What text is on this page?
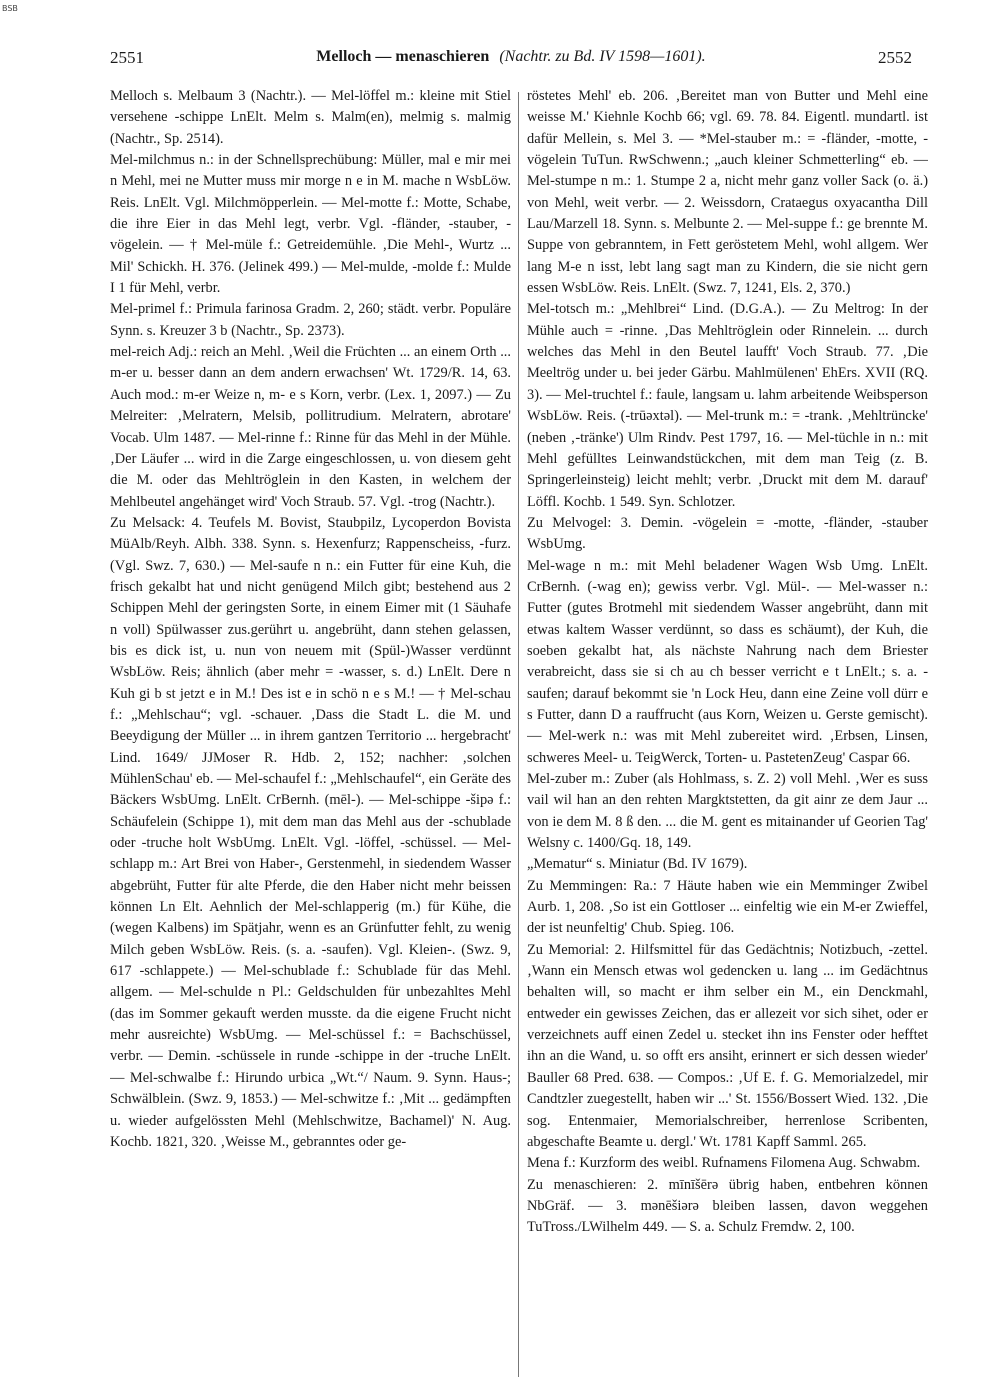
BSB
2551	Melloch — menaschieren (Nachtr. zu Bd. IV 1598—1601).	2552

Melloch s. Melbaum 3 (Nachtr.). — Mel-löffel m.: kleine mit Stiel versehene -schippe LnElt. Melm s. Malm(en), melmig s. malmig (Nachtr., Sp. 2514).

Mel-milchmus n.: in der Schnellsprechübung: Müller, mal e mir mei n Mehl, mei ne Mutter muss mir morge n e in M. mache n WsbLöw. Reis. LnElt. Vgl. Milchmöpperlein. — Mel-motte f.: Motte, Schabe, die ihre Eier in das Mehl legt, verbr. Vgl. -fländer, -stauber, -vögelein. — † Mel-müle f.: Getreidemühle. ‚Die Mehl-, Wurtz ... Mil' Schickh. H. 376. (Jelinek 499.) — Mel-mulde, -molde f.: Mulde I 1 für Mehl, verbr.

Mel-primel f.: Primula farinosa Gradm. 2, 260; städt. verbr. Populäre Synn. s. Kreuzer 3 b (Nachtr., Sp. 2373).

mel-reich Adj.: reich an Mehl. ‚Weil die Früchten ... an einem Orth ... m-er u. besser dann an dem andern erwachsen' Wt. 1729/R. 14, 63. Auch mod.: m-er Weize n, m- e s Korn, verbr. (Lex. 1, 2097.) — Zu Melreiter: ‚Melratern, Melsib, pollitrudium. Melratern, abrotare' Vocab. Ulm 1487. — Mel-rinne f.: Rinne für das Mehl in der Mühle. ‚Der Läufer ... wird in die Zarge eingeschlossen, u. von diesem geht die M. oder das Mehltröglein in den Kasten, in welchem der Mehlbeutel angehänget wird' Voch Straub. 57. Vgl. -trog (Nachtr.).

Zu Melsack: 4. Teufels M. Bovist, Staubpilz, Lycoperdon Bovista MüAlb/Reyh. Albh. 338. Synn. s. Hexenfurz; Rappenscheiss, -furz. (Vgl. Swz. 7, 630.) — Mel-saufe n n.: ein Futter für eine Kuh, die frisch gekalbt hat und nicht genügend Milch gibt; bestehend aus 2 Schippen Mehl der geringsten Sorte, in einem Eimer mit (1 Säuhafe n voll) Spülwasser zus.gerührt u. angebrüht, dann stehen gelassen, bis es dick ist, u. nun von neuem mit (Spül-)Wasser verdünnt WsbLöw. Reis; ähnlich (aber mehr = -wasser, s. d.) LnElt. Dere n Kuh gi b st jetzt e in M.! Des ist e in schö n e s M.! — † Mel-schau f.: „Mehlschau“; vgl. -schauer. ‚Dass die Stadt L. die M. und Beeydigung der Müller ... in ihrem gantzen Territorio ... hergebracht' Lind. 1649/ JJMoser R. Hdb. 2, 152; nachher: ‚solchen MühlenSchau' eb. — Mel-schaufel f.: „Mehlschaufel“, ein Geräte des Bäckers WsbUmg. LnElt. CrBernh. (mēl-). — Mel-schippe -šipə f.: Schäufelein (Schippe 1), mit dem man das Mehl aus der -schublade oder -truche holt WsbUmg. LnElt. Vgl. -löffel, -schüssel. — Mel-schlapp m.: Art Brei von Haber-, Gerstenmehl, in siedendem Wasser abgebrüht, Futter für alte Pferde, die den Haber nicht mehr beissen können Ln Elt. Aehnlich der Mel-schlapperig (m.) für Kühe, die (wegen Kalbens) im Spätjahr, wenn es an Grünfutter fehlt, zu wenig Milch geben WsbLöw. Reis. (s. a. -saufen). Vgl. Kleien-. (Swz. 9, 617 -schlappete.) — Mel-schublade f.: Schublade für das Mehl. allgem. — Mel-schulde n Pl.: Geldschulden für unbezahltes Mehl (das im Sommer gekauft werden musste. da die eigene Frucht nicht mehr ausreichte) WsbUmg. — Mel-schüssel f.: = Bachschüssel, verbr. — Demin. -schüssele in runde -schippe in der -truche LnElt. — Mel-schwalbe f.: Hirundo urbica „Wt.“/ Naum. 9. Synn. Haus-; Schwälblein. (Swz. 9, 1853.) — Mel-schwitze f.: ‚Mit ... gedämpften u. wieder aufgelössten Mehl (Mehlschwitze, Bachamel)' N. Aug. Kochb. 1821, 320. ‚Weisse M., gebranntes oder ge-

röstetes Mehl' eb. 206. ‚Bereitet man von Butter und Mehl eine weisse M.' Kiehnle Kochb 66; vgl. 69. 78. 84. Eigentl. mundartl. ist dafür Mellein, s. Mel 3. — *Mel-stauber m.: = -fländer, -motte, -vögelein TuTun. RwSchwenn.; „auch kleiner Schmetterling“ eb. — Mel-stumpe n m.: 1. Stumpe 2 a, nicht mehr ganz voller Sack (o. ä.) von Mehl, weit verbr. — 2. Weissdorn, Crataegus oxyacantha Dill Lau/Marzell 18. Synn. s. Melbunte 2. — Mel-suppe f.: ge brennte M. Suppe von gebranntem, in Fett geröstetem Mehl, wohl allgem. Wer lang M-e n isst, lebt lang sagt man zu Kindern, die sie nicht gern essen WsbLöw. Reis. LnElt. (Swz. 7, 1241, Els. 2, 370.)

Mel-totsch m.: „Mehlbrei“ Lind. (D.G.A.). — Zu Meltrog: In der Mühle auch = -rinne. ‚Das Mehltröglein oder Rinnelein. ... durch welches das Mehl in den Beutel laufft' Voch Straub. 77. ‚Die Meeltrög under u. bei jeder Gärbu. Mahlmülenen' EhErs. XVII (RQ. 3). — Mel-truchtel f.: faule, langsam u. lahm arbeitende Weibsperson WsbLöw. Reis. (-trūəxtəl). — Mel-trunk m.: = -trank. ‚Mehltrüncke' (neben ‚-tränke') Ulm Rindv. Pest 1797, 16. — Mel-tüchle in n.: mit Mehl gefülltes Leinwandstückchen, mit dem man Teig (z. B. Springerleinsteig) leicht mehlt; verbr. ‚Druckt mit dem M. darauf' Löffl. Kochb. 1 549. Syn. Schlotzer.

Zu Melvogel: 3. Demin. -vögelein = -motte, -fländer, -stauber WsbUmg.

Mel-wage n m.: mit Mehl beladener Wagen Wsb Umg. LnElt. CrBernh. (-wag en); gewiss verbr. Vgl. Mül-. — Mel-wasser n.: Futter (gutes Brotmehl mit siedendem Wasser angebrüht, dann mit etwas kaltem Wasser verdünnt, so dass es schäumt), der Kuh, die soeben gekalbt hat, als nächste Nahrung nach dem Briester verabreicht, dass sie si ch au ch besser verricht e t LnElt.; s. a. -saufen; darauf bekommt sie 'n Lock Heu, dann eine Zeine voll dürr e s Futter, dann D a rauffrucht (aus Korn, Weizen u. Gerste gemischt). — Mel-werk n.: was mit Mehl zubereitet wird. ‚Erbsen, Linsen, schweres Meel- u. TeigWerck, Torten- u. PastetenZeug' Caspar 66.

Mel-zuber m.: Zuber (als Hohlmass, s. Z. 2) voll Mehl. ‚Wer es suss vail wil han an den rehten Margktstetten, da git ainr ze dem Jaur ... von ie dem M. 8 ß den. ... die M. gent es mitainander uf Georien Tag' Welsny c. 1400/Gq. 18, 149.

„Mematur“ s. Miniatur (Bd. IV 1679).

Zu Memmingen: Ra.: 7 Häute haben wie ein Memminger Zwibel Aurb. 1, 208. ‚So ist ein Gottloser ... einfeltig wie ein M-er Zwieffel, der ist neunfeltig' Chub. Spieg. 106.

Zu Memorial: 2. Hilfsmittel für das Gedächtnis; Notizbuch, -zettel. ‚Wann ein Mensch etwas wol gedencken u. lang ... im Gedächtnus behalten will, so macht er ihm selber ein M., ein Denckmahl, entweder ein gewisses Zeichen, das er allezeit vor sich sihet, oder er verzeichnets auff einen Zedel u. stecket ihn ins Fenster oder hefftet ihn an die Wand, u. so offt ers ansiht, erinnert er sich dessen wieder' Bauller 68 Pred. 638. — Compos.: ‚Uf E. f. G. Memorialzedel, mir Candtzler zuegestellt, haben wir ...' St. 1556/Bossert Wied. 132. ‚Die sog. Entenmaier, Memorialschreiber, herrenlose Scribenten, abgeschafte Beamte u. dergl.' Wt. 1781 Kapff Samml. 265.

Mena f.: Kurzform des weibl. Rufnamens Filomena Aug. Schwabm.

Zu menaschieren: 2. mīnīšērə übrig haben, entbehren können NbGräf. — 3. mənēšiərə bleiben lassen, davon weggehen TuTross./LWilhelm 449. — S. a. Schulz Fremdw. 2, 100.
